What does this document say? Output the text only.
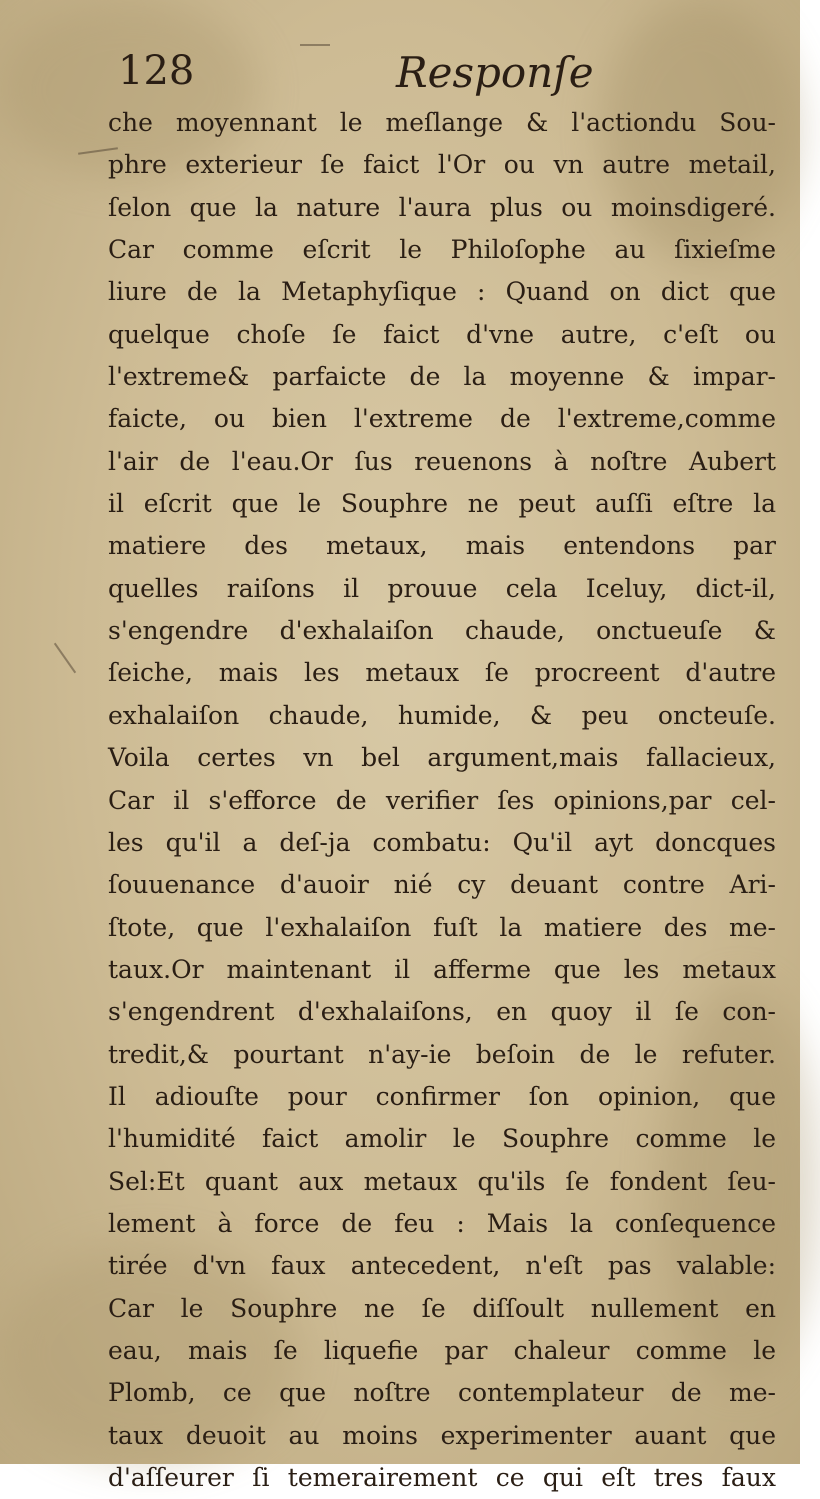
128	Responſe
che moyennant le meſlange & l'actiondu Sou-
phre exterieur ſe faict l'Or ou vn autre metail,
ſelon que la nature l'aura plus ou moinsdigeré.
Car comme eſcrit le Philoſophe au ſixieſme
liure de la Metaphyſique : Quand on dict que
quelque choſe ſe faict d'vne autre, c'eſt ou
l'extreme& parfaicte de la moyenne & impar-
faicte, ou bien l'extreme de l'extreme,comme
l'air de l'eau.Or ſus reuenons à noſtre Aubert
il eſcrit que le Souphre ne peut auſſi eſtre la
matiere des metaux, mais entendons par
quelles raiſons il prouue cela Iceluy, dict-il,
s'engendre d'exhalaiſon chaude, onctueuſe &
ſeiche, mais les metaux ſe procreent d'autre
exhalaiſon chaude, humide, & peu oncteuſe.
Voila certes vn bel argument,mais fallacieux,
Car il s'efforce de verifier ſes opinions,par cel-
les qu'il a deſ-ja combatu: Qu'il ayt doncques
ſouuenance d'auoir nié cy deuant contre Ari-
ſtote, que l'exhalaiſon fuſt la matiere des me-
taux.Or maintenant il afferme que les metaux
s'engendrent d'exhalaiſons, en quoy il ſe con-
tredit,& pourtant n'ay-ie beſoin de le refuter.
Il adiouſte pour confirmer ſon opinion, que
l'humidité faict amolir le Souphre comme le
Sel:Et quant aux metaux qu'ils ſe fondent ſeu-
lement à force de feu : Mais la conſequence
tirée d'vn faux antecedent, n'eſt pas valable:
Car le Souphre ne ſe diſſoult nullement en
eau, mais ſe liquefie par chaleur comme le
Plomb, ce que noſtre contemplateur de me-
taux deuoit au moins experimenter auant que
d'aſſeurer ſi temerairement ce qui eſt tres faux
